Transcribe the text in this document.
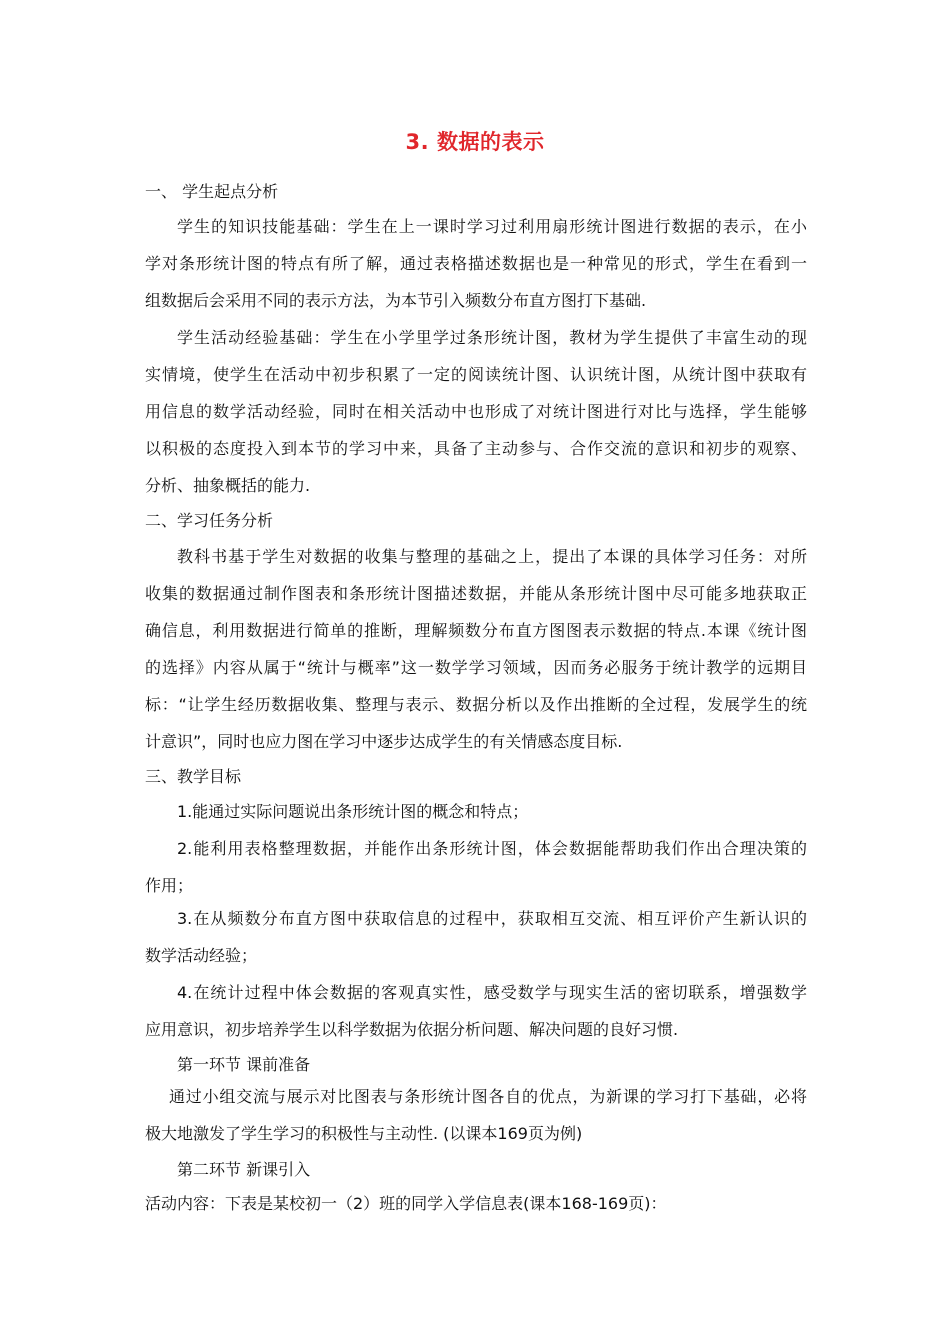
3. 数据的表示
一、 学生起点分析
学生的知识技能基础：学生在上一课时学习过利用扇形统计图进行数据的表示，在小
学对条形统计图的特点有所了解，通过表格描述数据也是一种常见的形式，学生在看到一
组数据后会采用不同的表示方法，为本节引入频数分布直方图打下基础.
学生活动经验基础：学生在小学里学过条形统计图，教材为学生提供了丰富生动的现
实情境，使学生在活动中初步积累了一定的阅读统计图、认识统计图，从统计图中获取有
用信息的数学活动经验，同时在相关活动中也形成了对统计图进行对比与选择，学生能够
以积极的态度投入到本节的学习中来，具备了主动参与、合作交流的意识和初步的观察、
分析、抽象概括的能力.
二、学习任务分析
教科书基于学生对数据的收集与整理的基础之上，提出了本课的具体学习任务：对所
收集的数据通过制作图表和条形统计图描述数据，并能从条形统计图中尽可能多地获取正
确信息，利用数据进行简单的推断，理解频数分布直方图图表示数据的特点.本课《统计图
的选择》内容从属于“统计与概率”这一数学学习领域，因而务必服务于统计教学的远期目
标：“让学生经历数据收集、整理与表示、数据分析以及作出推断的全过程，发展学生的统
计意识”，同时也应力图在学习中逐步达成学生的有关情感态度目标.
三、教学目标
1.能通过实际问题说出条形统计图的概念和特点；
2.能利用表格整理数据，并能作出条形统计图，体会数据能帮助我们作出合理决策的
作用；
3.在从频数分布直方图中获取信息的过程中，获取相互交流、相互评价产生新认识的
数学活动经验；
4.在统计过程中体会数据的客观真实性，感受数学与现实生活的密切联系，增强数学
应用意识，初步培养学生以科学数据为依据分析问题、解决问题的良好习惯.
第一环节 课前准备
通过小组交流与展示对比图表与条形统计图各自的优点，为新课的学习打下基础，必将
极大地激发了学生学习的积极性与主动性. (以课本169页为例)
第二环节 新课引入
活动内容：下表是某校初一（2）班的同学入学信息表(课本168-169页)：
